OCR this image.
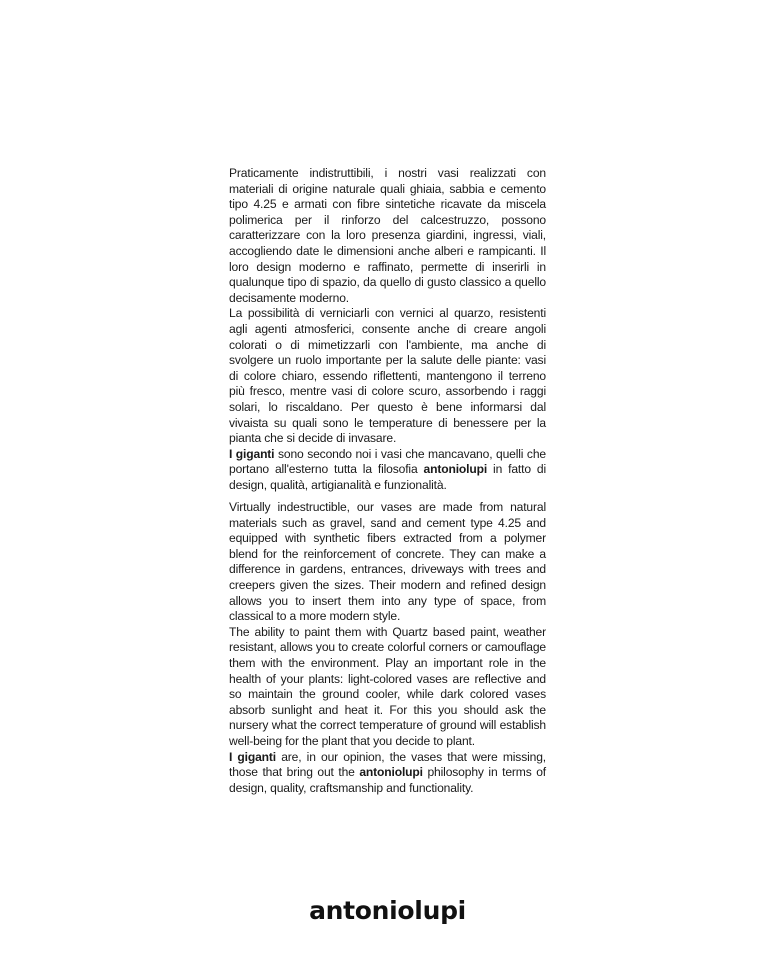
Praticamente indistruttibili, i nostri vasi realizzati con materiali di origine naturale quali ghiaia, sabbia e cemento tipo 4.25 e armati con fibre sintetiche ricavate da miscela polimerica per il rinforzo del calcestruzzo, possono caratterizzare con la loro presenza giardini, ingressi, viali, accogliendo date le dimensioni anche alberi e rampicanti. Il loro design moderno e raffinato, permette di inserirli in qualunque tipo di spazio, da quello di gusto classico a quello decisamente moderno.

La possibilità di verniciarli con vernici al quarzo, resistenti agli agenti atmosferici, consente anche di creare angoli colorati o di mimetizzarli con l'ambiente, ma anche di svolgere un ruolo importante per la salute delle piante: vasi di colore chiaro, essendo riflettenti, mantengono il terreno più fresco, mentre vasi di colore scuro, assorbendo i raggi solari, lo riscaldano. Per questo è bene informarsi dal vivaista su quali sono le temperature di benessere per la pianta che si decide di invasare.

I giganti sono secondo noi i vasi che mancavano, quelli che portano all'esterno tutta la filosofia antoniolupi in fatto di design, qualità, artigianalità e funzionalità.

Virtually indestructible, our vases are made from natural materials such as gravel, sand and cement type 4.25 and equipped with synthetic fibers extracted from a polymer blend for the reinforcement of concrete. They can make a difference in gardens, entrances, driveways with trees and creepers given the sizes. Their modern and refined design allows you to insert them into any type of space, from classical to a more modern style.

The ability to paint them with Quartz based paint, weather resistant, allows you to create colorful corners or camouflage them with the environment. Play an important role in the health of your plants: light-colored vases are reflective and so maintain the ground cooler, while dark colored vases absorb sunlight and heat it. For this you should ask the nursery what the correct temperature of ground will establish well-being for the plant that you decide to plant.

I giganti are, in our opinion, the vases that were missing, those that bring out the antoniolupi philosophy in terms of design, quality, craftsmanship and functionality.

antoniolupi
